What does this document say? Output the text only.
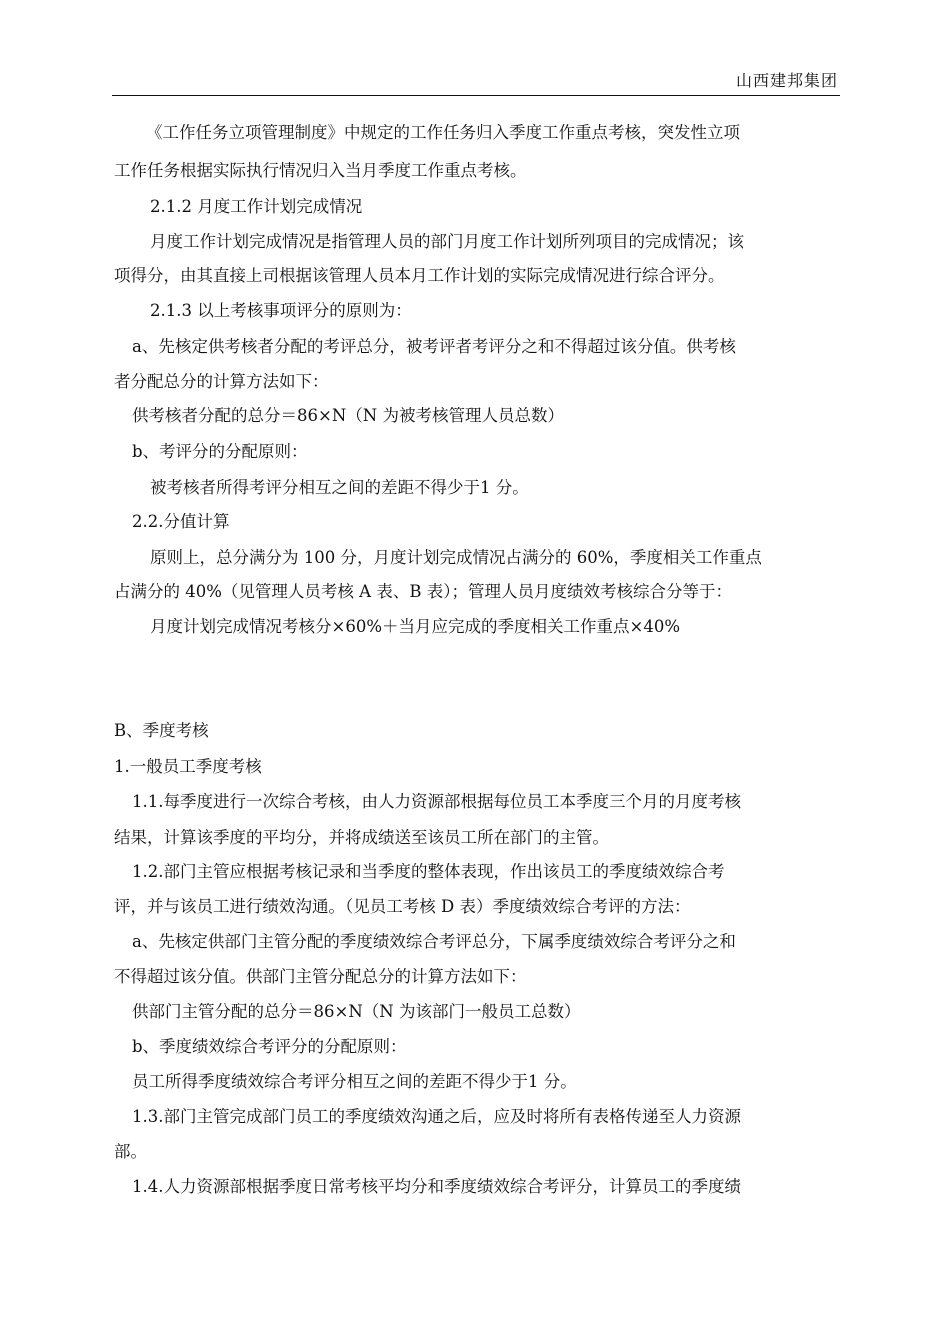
山西建邦集团
《工作任务立项管理制度》中规定的工作任务归入季度工作重点考核，突发性立项
工作任务根据实际执行情况归入当月季度工作重点考核。
2.1.2 月度工作计划完成情况
月度工作计划完成情况是指管理人员的部门月度工作计划所列项目的完成情况；该
项得分，由其直接上司根据该管理人员本月工作计划的实际完成情况进行综合评分。
2.1.3 以上考核事项评分的原则为：
a、先核定供考核者分配的考评总分，被考评者考评分之和不得超过该分值。供考核
者分配总分的计算方法如下：
供考核者分配的总分＝86×N（N 为被考核管理人员总数）
b、考评分的分配原则：
被考核者所得考评分相互之间的差距不得少于1 分。
2.2.分值计算
原则上，总分满分为 100 分，月度计划完成情况占满分的 60%，季度相关工作重点
占满分的 40%（见管理人员考核 A 表、B 表）；管理人员月度绩效考核综合分等于：
月度计划完成情况考核分×60%＋当月应完成的季度相关工作重点×40%
B、季度考核
1.一般员工季度考核
1.1.每季度进行一次综合考核，由人力资源部根据每位员工本季度三个月的月度考核
结果，计算该季度的平均分，并将成绩送至该员工所在部门的主管。
1.2.部门主管应根据考核记录和当季度的整体表现，作出该员工的季度绩效综合考
评，并与该员工进行绩效沟通。（见员工考核 D 表）季度绩效综合考评的方法：
a、先核定供部门主管分配的季度绩效综合考评总分，下属季度绩效综合考评分之和
不得超过该分值。供部门主管分配总分的计算方法如下：
供部门主管分配的总分＝86×N（N 为该部门一般员工总数）
b、季度绩效综合考评分的分配原则：
员工所得季度绩效综合考评分相互之间的差距不得少于1 分。
1.3.部门主管完成部门员工的季度绩效沟通之后，应及时将所有表格传递至人力资源
部。
1.4.人力资源部根据季度日常考核平均分和季度绩效综合考评分，计算员工的季度绩
